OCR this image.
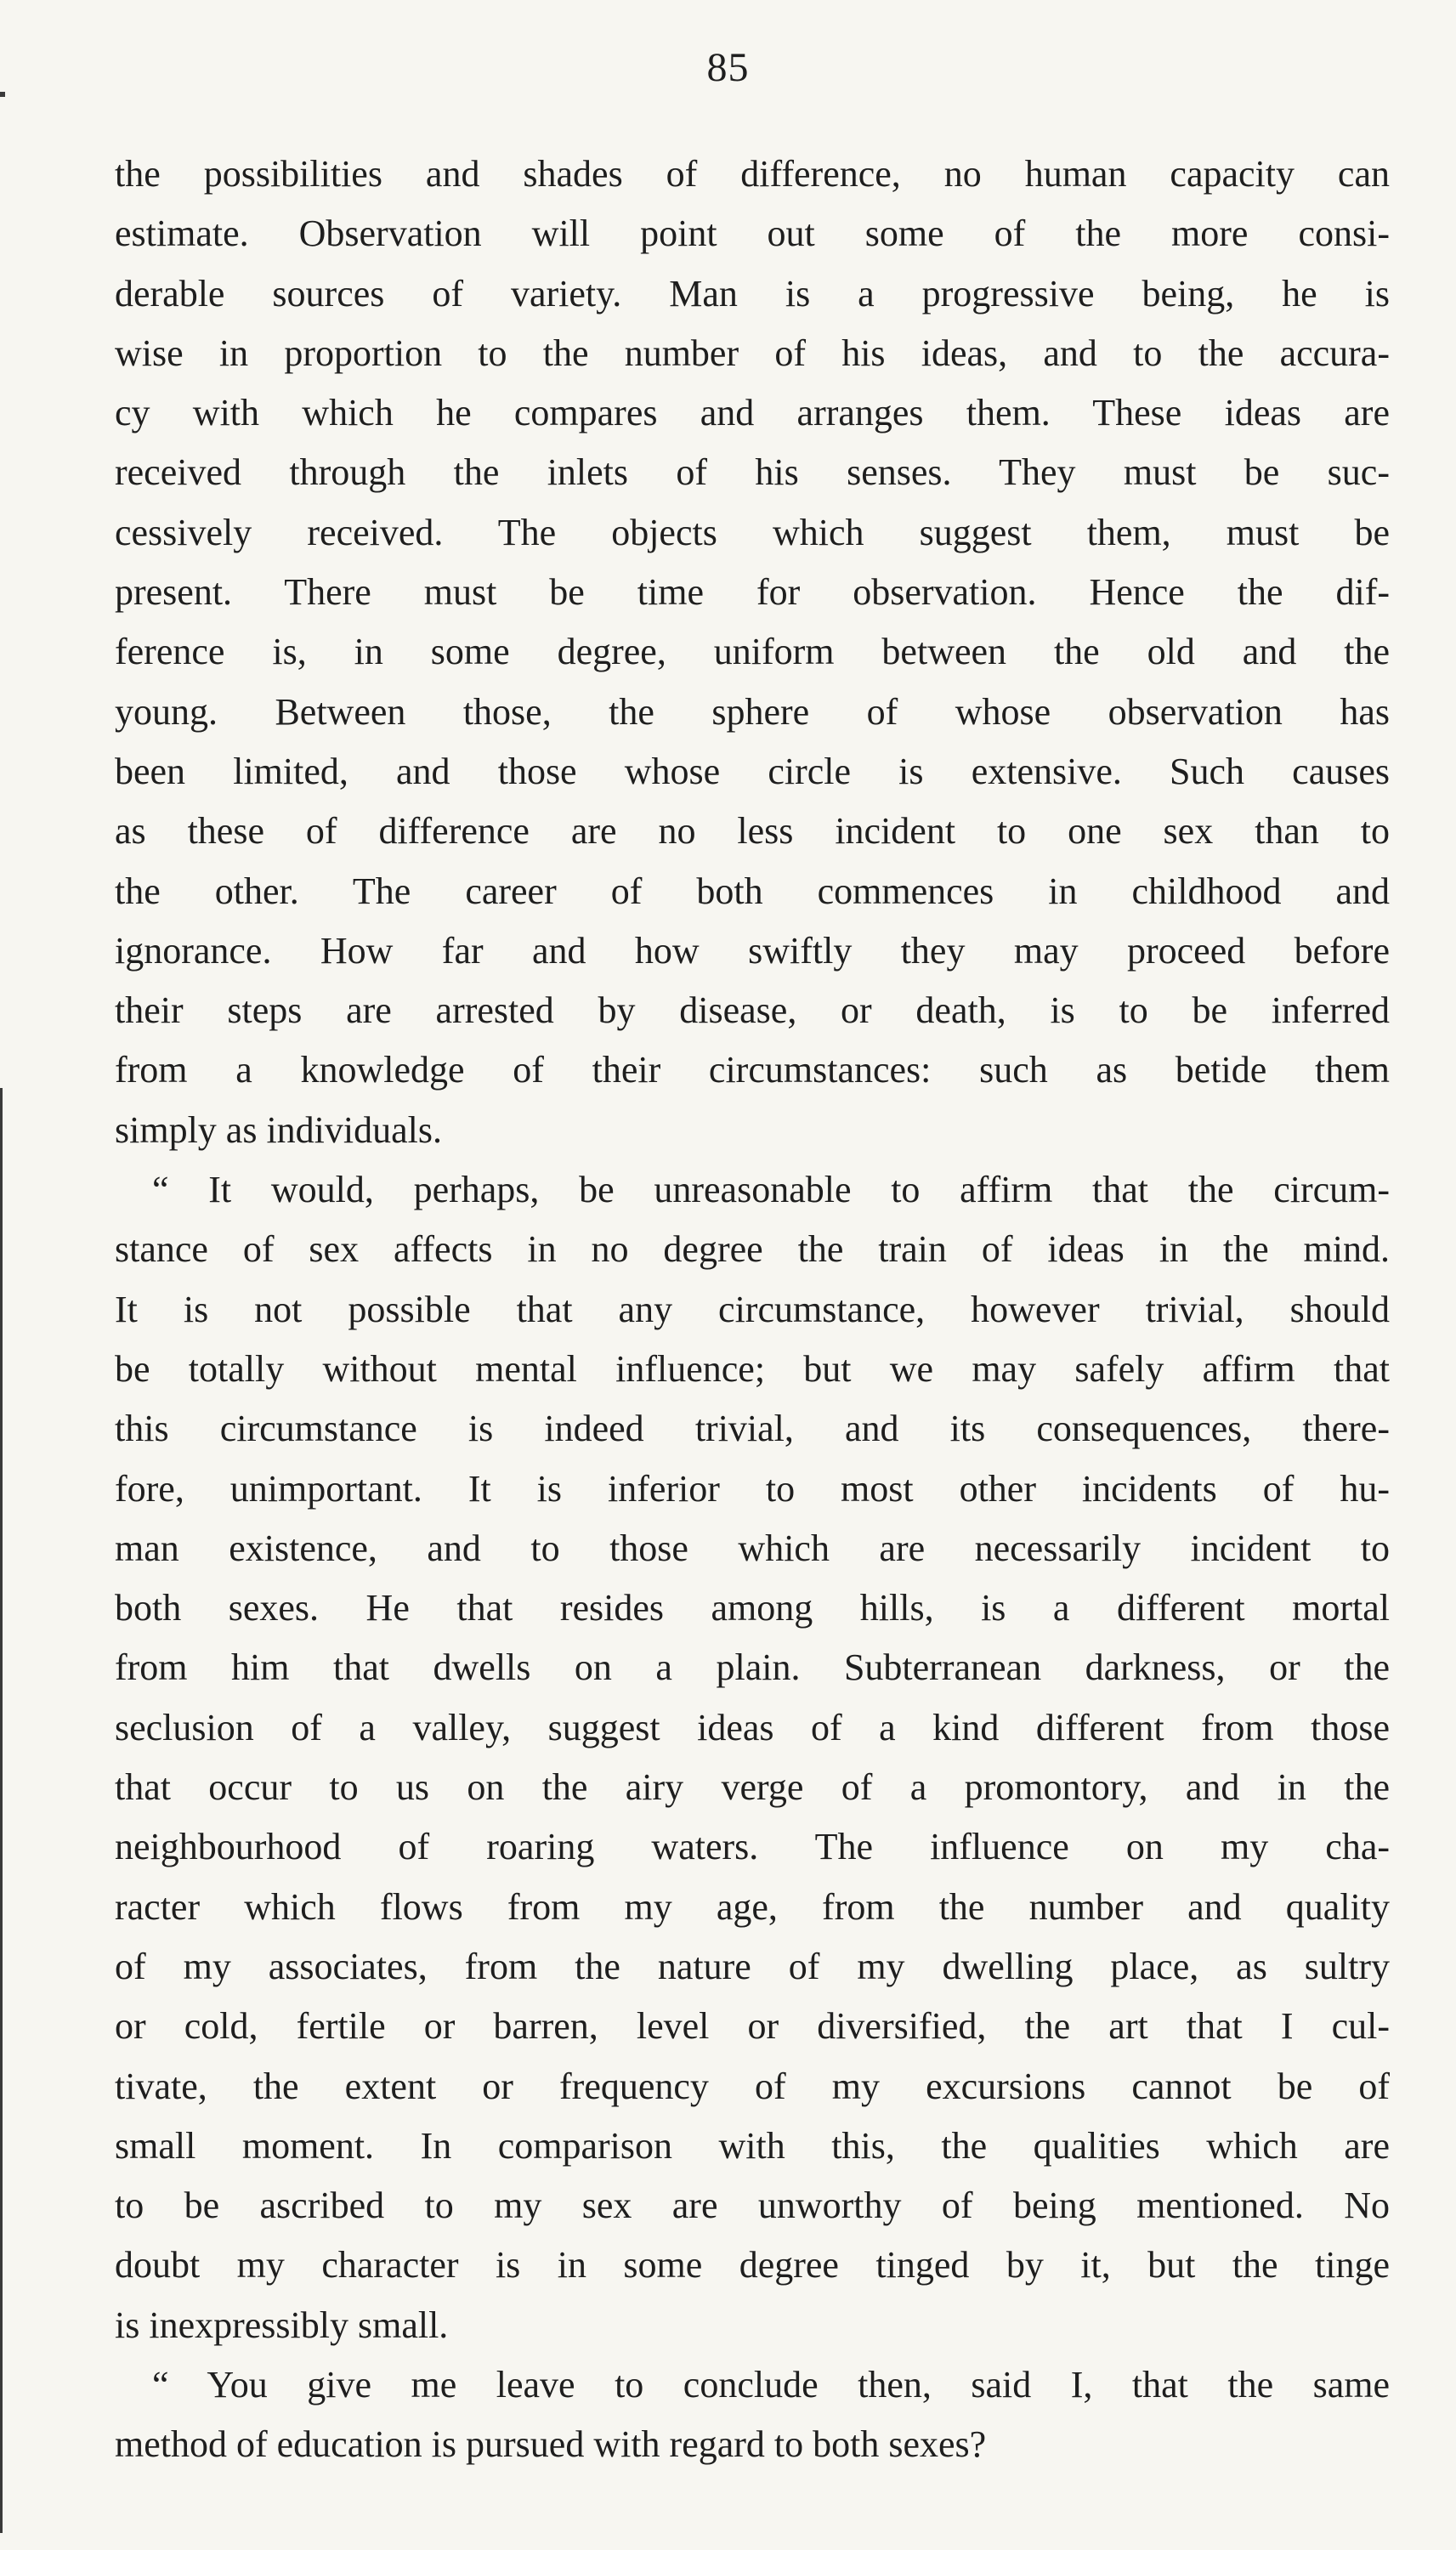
85

the possibilities and shades of difference, no human capacity can
estimate. Observation will point out some of the more consi-
derable sources of variety. Man is a progressive being, he is
wise in proportion to the number of his ideas, and to the accura-
cy with which he compares and arranges them. These ideas are
received through the inlets of his senses. They must be suc-
cessively received. The objects which suggest them, must be
present. There must be time for observation. Hence the dif-
ference is, in some degree, uniform between the old and the
young. Between those, the sphere of whose observation has
been limited, and those whose circle is extensive. Such causes
as these of difference are no less incident to one sex than to
the other. The career of both commences in childhood and
ignorance. How far and how swiftly they may proceed before
their steps are arrested by disease, or death, is to be inferred
from a knowledge of their circumstances: such as betide them
simply as individuals.

“ It would, perhaps, be unreasonable to affirm that the circum-
stance of sex affects in no degree the train of ideas in the mind.
It is not possible that any circumstance, however trivial, should
be totally without mental influence; but we may safely affirm that
this circumstance is indeed trivial, and its consequences, there-
fore, unimportant. It is inferior to most other incidents of hu-
man existence, and to those which are necessarily incident to
both sexes. He that resides among hills, is a different mortal
from him that dwells on a plain. Subterranean darkness, or the
seclusion of a valley, suggest ideas of a kind different from those
that occur to us on the airy verge of a promontory, and in the
neighbourhood of roaring waters. The influence on my cha-
racter which flows from my age, from the number and quality
of my associates, from the nature of my dwelling place, as sultry
or cold, fertile or barren, level or diversified, the art that I cul-
tivate, the extent or frequency of my excursions cannot be of
small moment. In comparison with this, the qualities which are
to be ascribed to my sex are unworthy of being mentioned. No
doubt my character is in some degree tinged by it, but the tinge
is inexpressibly small.

“ You give me leave to conclude then, said I, that the same
method of education is pursued with regard to both sexes?
